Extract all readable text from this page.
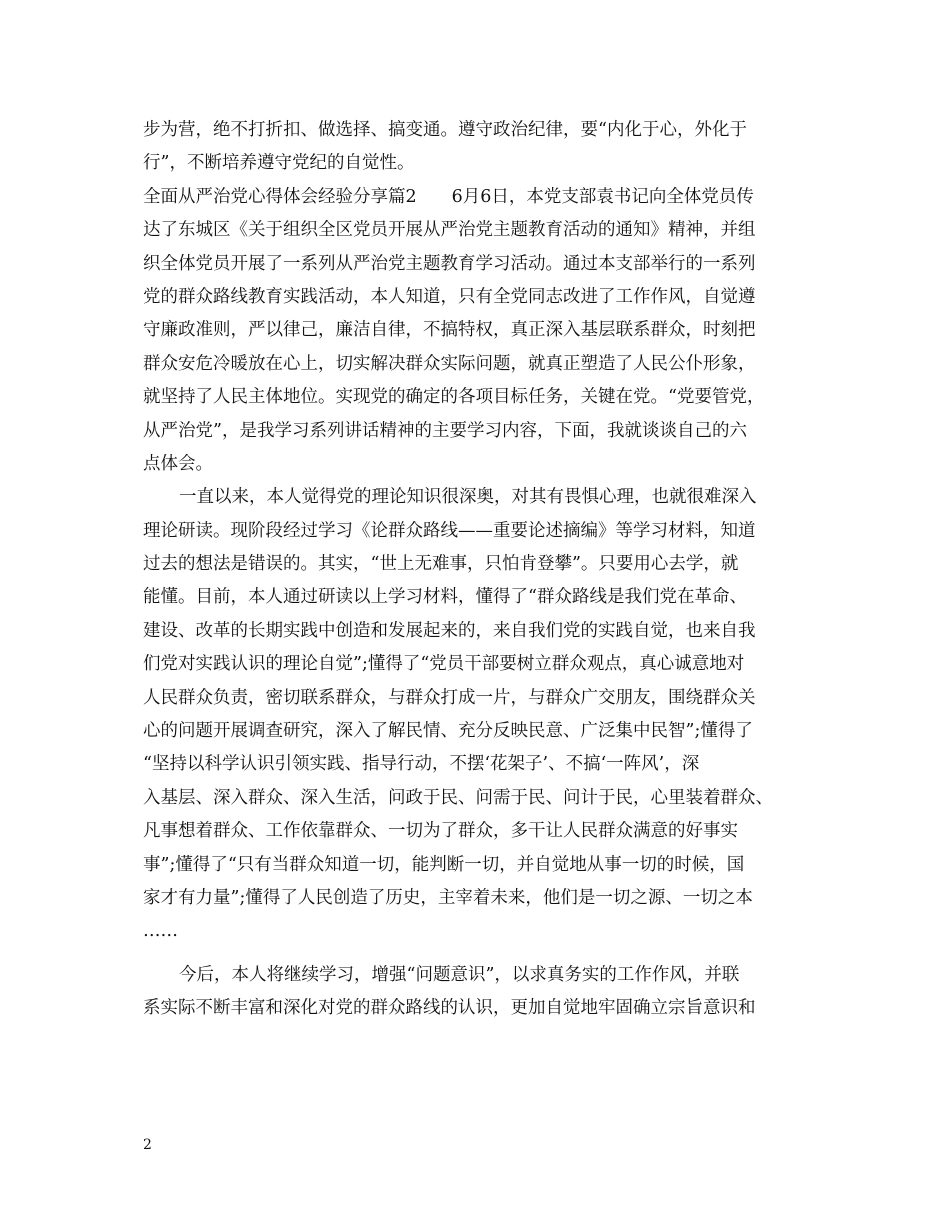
步为营，绝不打折扣、做选择、搞变通。遵守政治纪律，要“内化于心，外化于
行”，不断培养遵守党纪的自觉性。
全面从严治党心得体会经验分享篇2　　6月6日，本党支部袁书记向全体党员传
达了东城区《关于组织全区党员开展从严治党主题教育活动的通知》精神，并组
织全体党员开展了一系列从严治党主题教育学习活动。通过本支部举行的一系列
党的群众路线教育实践活动，本人知道，只有全党同志改进了工作作风，自觉遵
守廉政准则，严以律己，廉洁自律，不搞特权，真正深入基层联系群众，时刻把
群众安危冷暖放在心上，切实解决群众实际问题，就真正塑造了人民公仆形象，
就坚持了人民主体地位。实现党的确定的各项目标任务，关键在党。“党要管党，
从严治党”，是我学习系列讲话精神的主要学习内容，下面，我就谈谈自己的六
点体会。
一直以来，本人觉得党的理论知识很深奥，对其有畏惧心理，也就很难深入
理论研读。现阶段经过学习《论群众路线——重要论述摘编》等学习材料，知道
过去的想法是错误的。其实，“世上无难事，只怕肯登攀”。只要用心去学，就
能懂。目前，本人通过研读以上学习材料，懂得了“群众路线是我们党在革命、
建设、改革的长期实践中创造和发展起来的，来自我们党的实践自觉，也来自我
们党对实践认识的理论自觉”;懂得了“党员干部要树立群众观点，真心诚意地对
人民群众负责，密切联系群众，与群众打成一片，与群众广交朋友，围绕群众关
心的问题开展调查研究，深入了解民情、充分反映民意、广泛集中民智”;懂得了
“坚持以科学认识引领实践、指导行动，不摆‘花架子’、不搞‘一阵风’，深
入基层、深入群众、深入生活，问政于民、问需于民、问计于民，心里装着群众、
凡事想着群众、工作依靠群众、一切为了群众，多干让人民群众满意的好事实
事”;懂得了“只有当群众知道一切，能判断一切，并自觉地从事一切的时候，国
家才有力量”;懂得了人民创造了历史，主宰着未来，他们是一切之源、一切之本
……
今后，本人将继续学习，增强“问题意识”，以求真务实的工作作风，并联
系实际不断丰富和深化对党的群众路线的认识，更加自觉地牢固确立宗旨意识和
2
